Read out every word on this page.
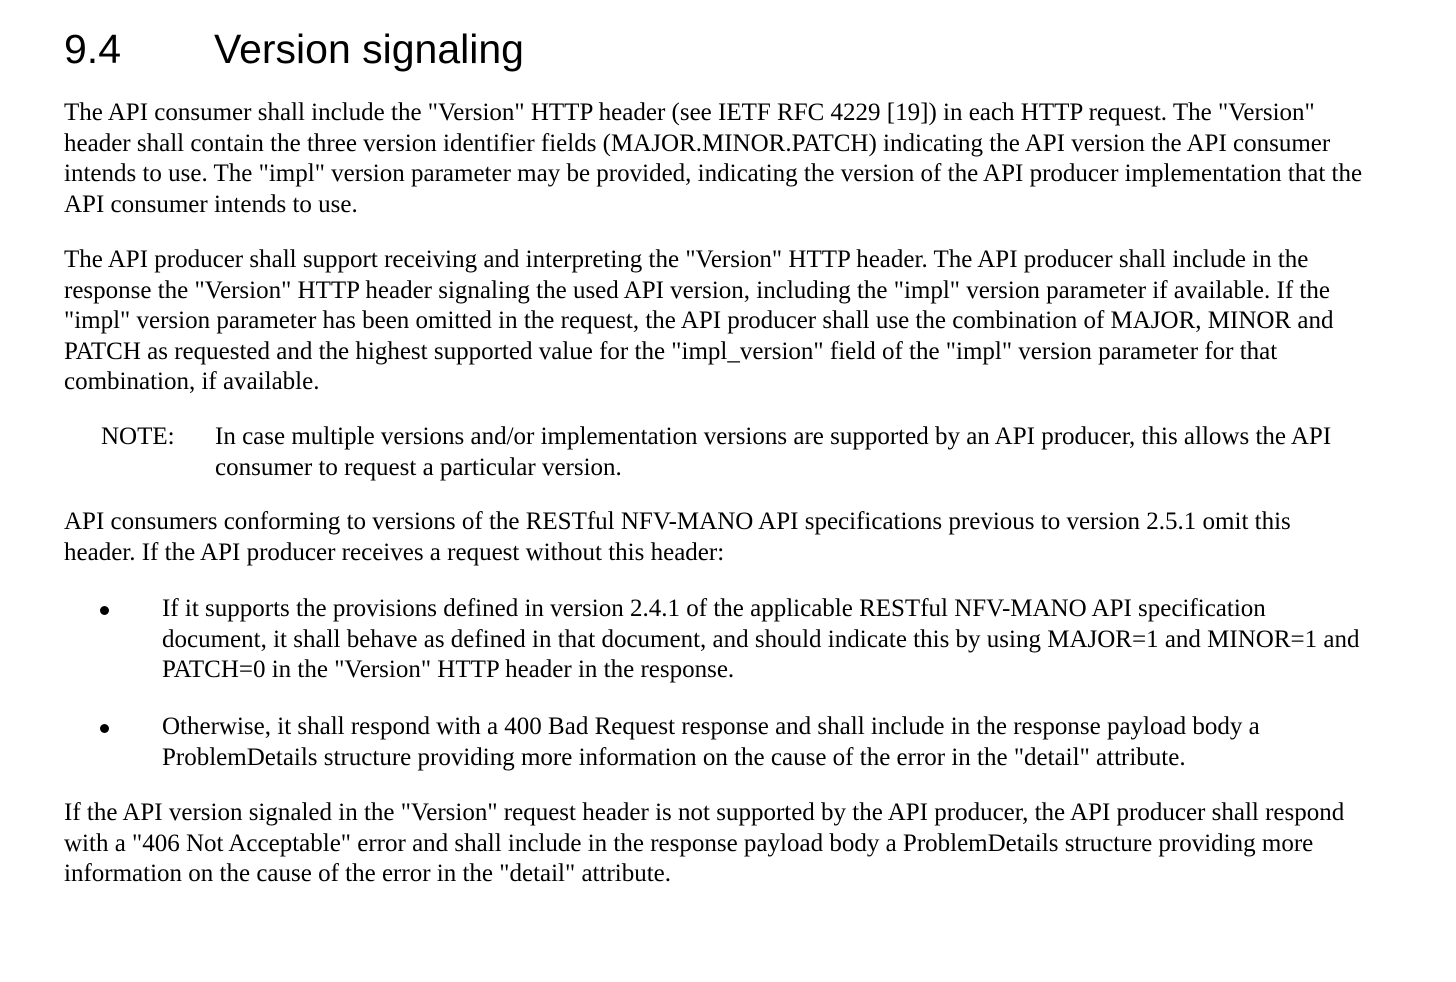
9.4 Version signaling

The API consumer shall include the "Version" HTTP header (see IETF RFC 4229 [19]) in each HTTP request. The "Version" header shall contain the three version identifier fields (MAJOR.MINOR.PATCH) indicating the API version the API consumer intends to use. The "impl" version parameter may be provided, indicating the version of the API producer implementation that the API consumer intends to use.

The API producer shall support receiving and interpreting the "Version" HTTP header. The API producer shall include in the response the "Version" HTTP header signaling the used API version, including the "impl" version parameter if available. If the "impl" version parameter has been omitted in the request, the API producer shall use the combination of MAJOR, MINOR and PATCH as requested and the highest supported value for the "impl_version" field of the "impl" version parameter for that combination, if available.

NOTE: In case multiple versions and/or implementation versions are supported by an API producer, this allows the API consumer to request a particular version.

API consumers conforming to versions of the RESTful NFV-MANO API specifications previous to version 2.5.1 omit this header. If the API producer receives a request without this header:

If it supports the provisions defined in version 2.4.1 of the applicable RESTful NFV-MANO API specification document, it shall behave as defined in that document, and should indicate this by using MAJOR=1 and MINOR=1 and PATCH=0 in the "Version" HTTP header in the response.
Otherwise, it shall respond with a 400 Bad Request response and shall include in the response payload body a ProblemDetails structure providing more information on the cause of the error in the "detail" attribute.

If the API version signaled in the "Version" request header is not supported by the API producer, the API producer shall respond with a "406 Not Acceptable" error and shall include in the response payload body a ProblemDetails structure providing more information on the cause of the error in the "detail" attribute.
